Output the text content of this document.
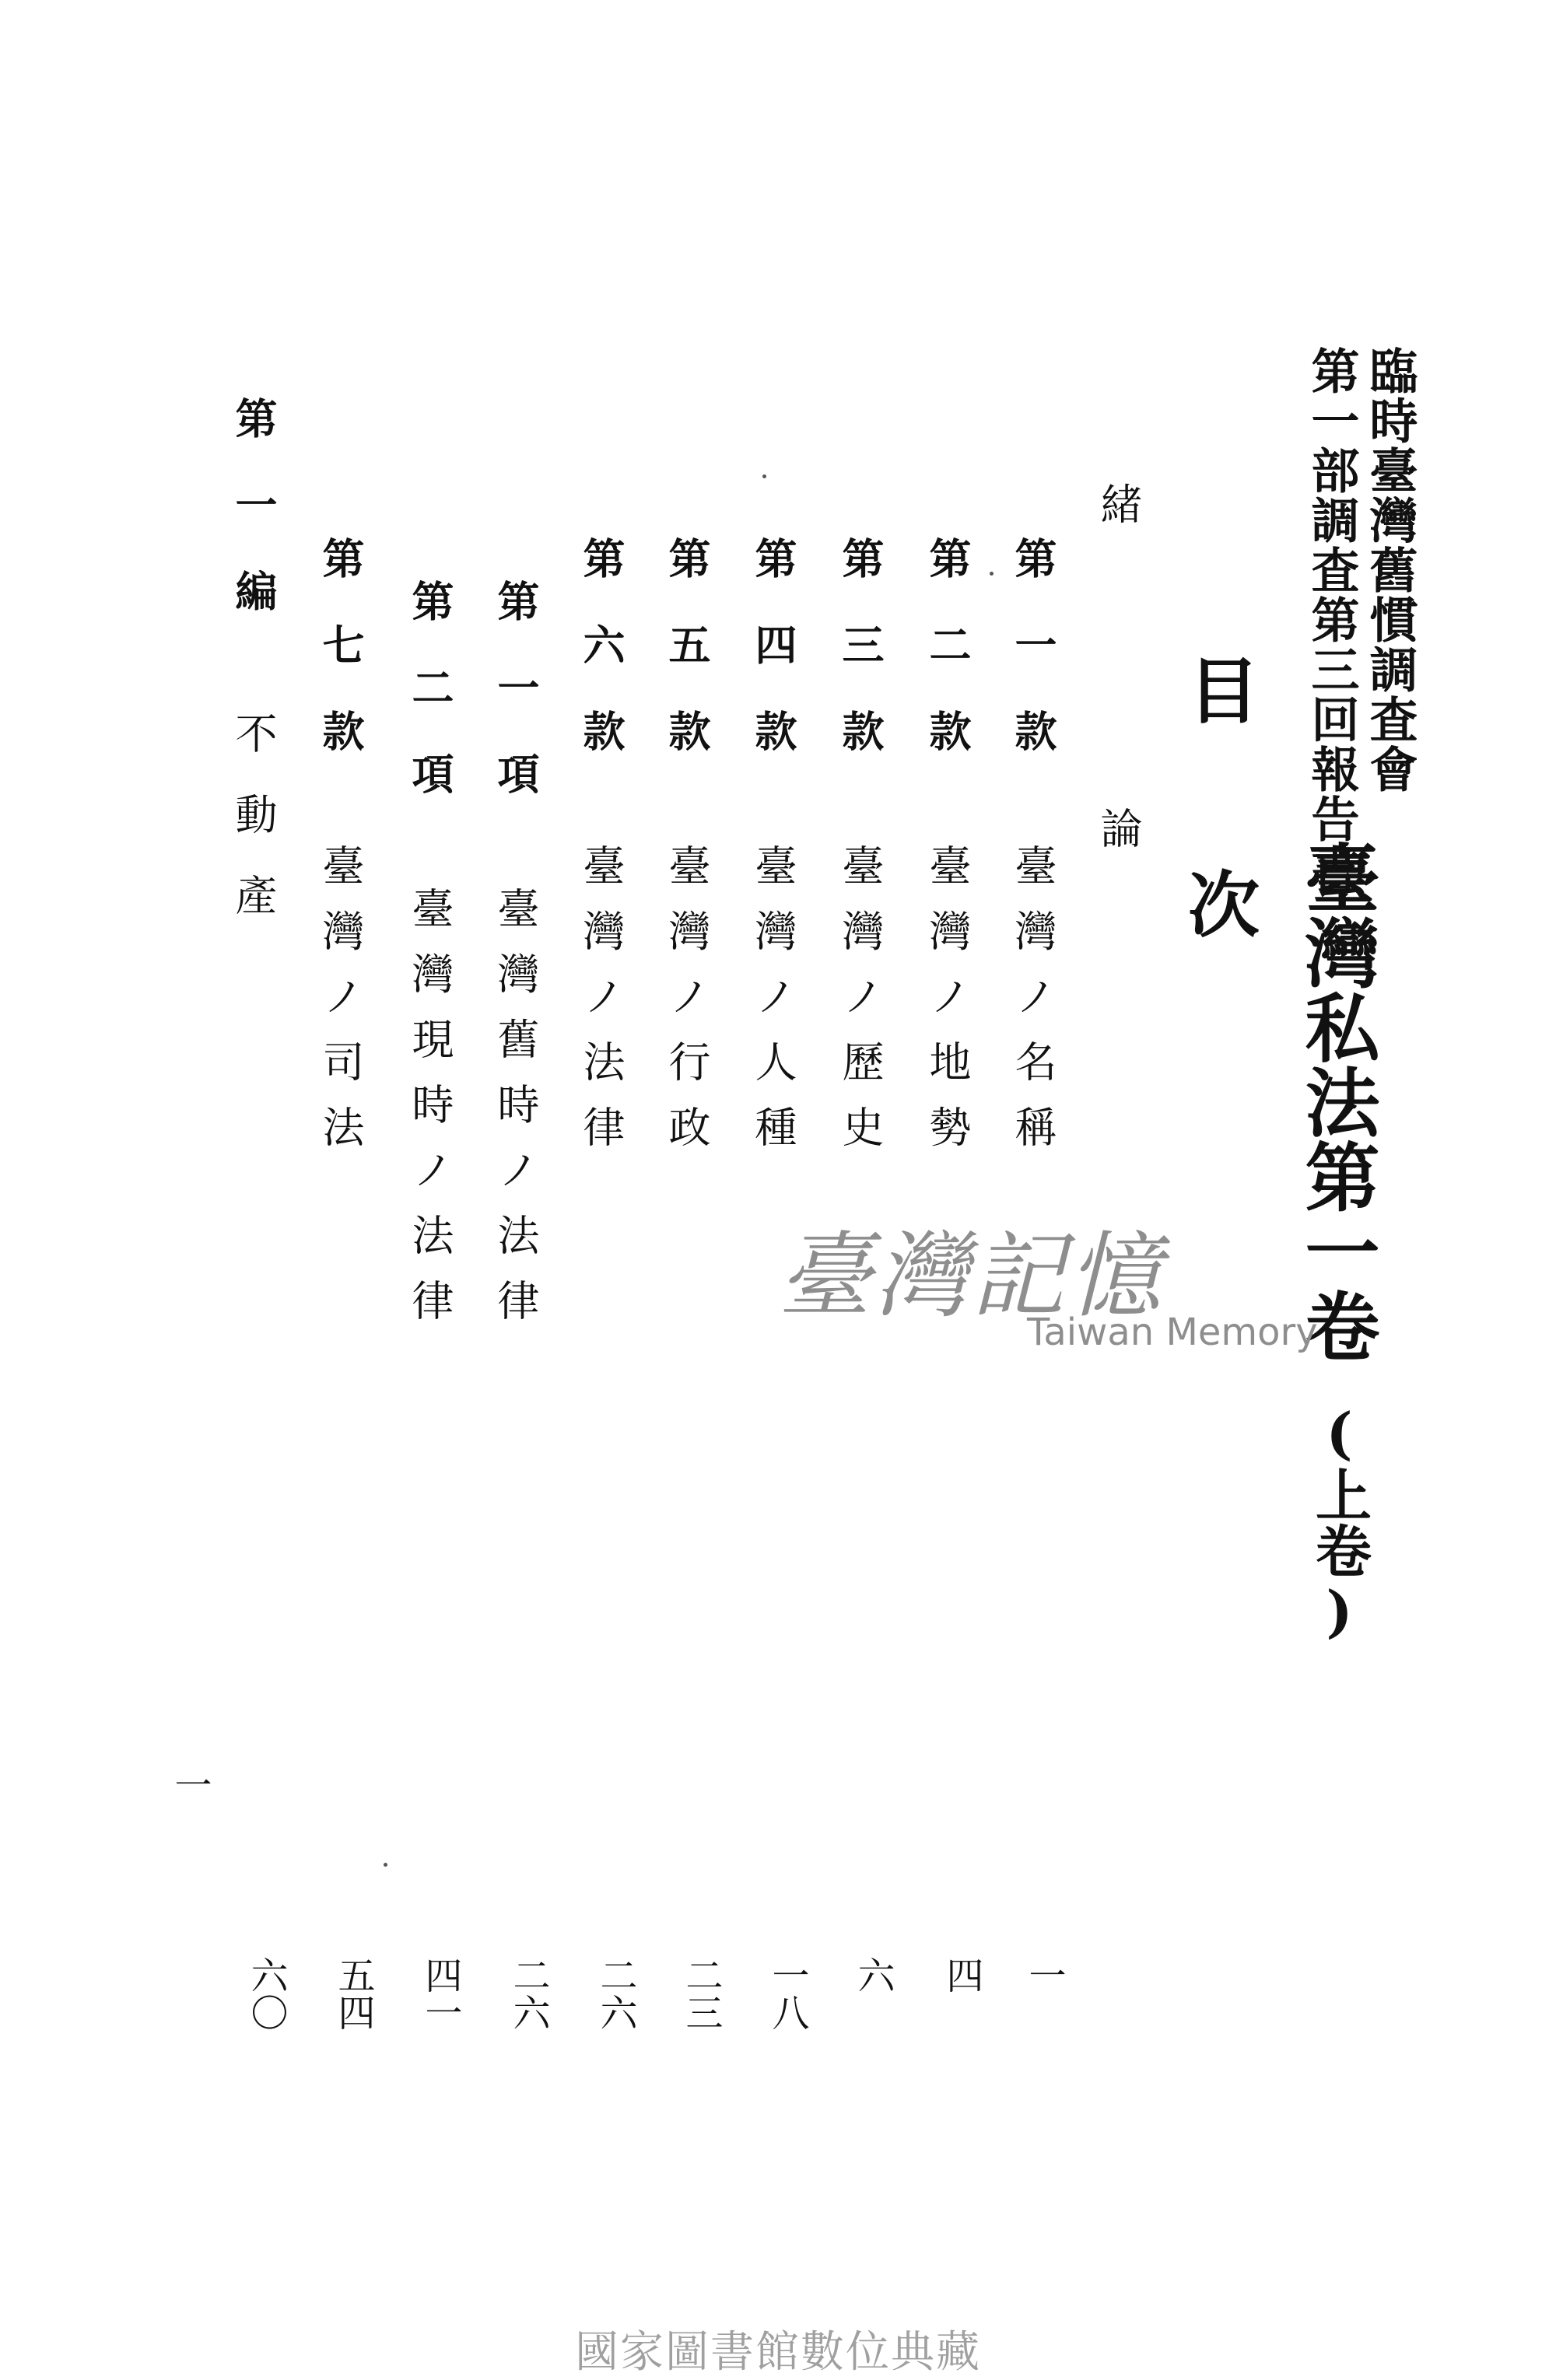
臨時臺灣舊慣調査會
第一部調査第三回報告書
臺灣私法第一卷
(上卷)
目
次
緒 論
第一款
臺灣ノ名稱
第二款
臺灣ノ地勢
第三款
臺灣ノ歷史
第四款
臺灣ノ人種
第五款
臺灣ノ行政
第六款
臺灣ノ法律
第一項
臺灣舊時ノ法律
第二項
臺灣現時ノ法律
第七款
臺灣ノ司法
第一編
不動產
一
四
六
一八
二三
二六
二六
四一
五四
六〇
一
臺灣記憶
Taiwan Memory
國家圖書館數位典藏
